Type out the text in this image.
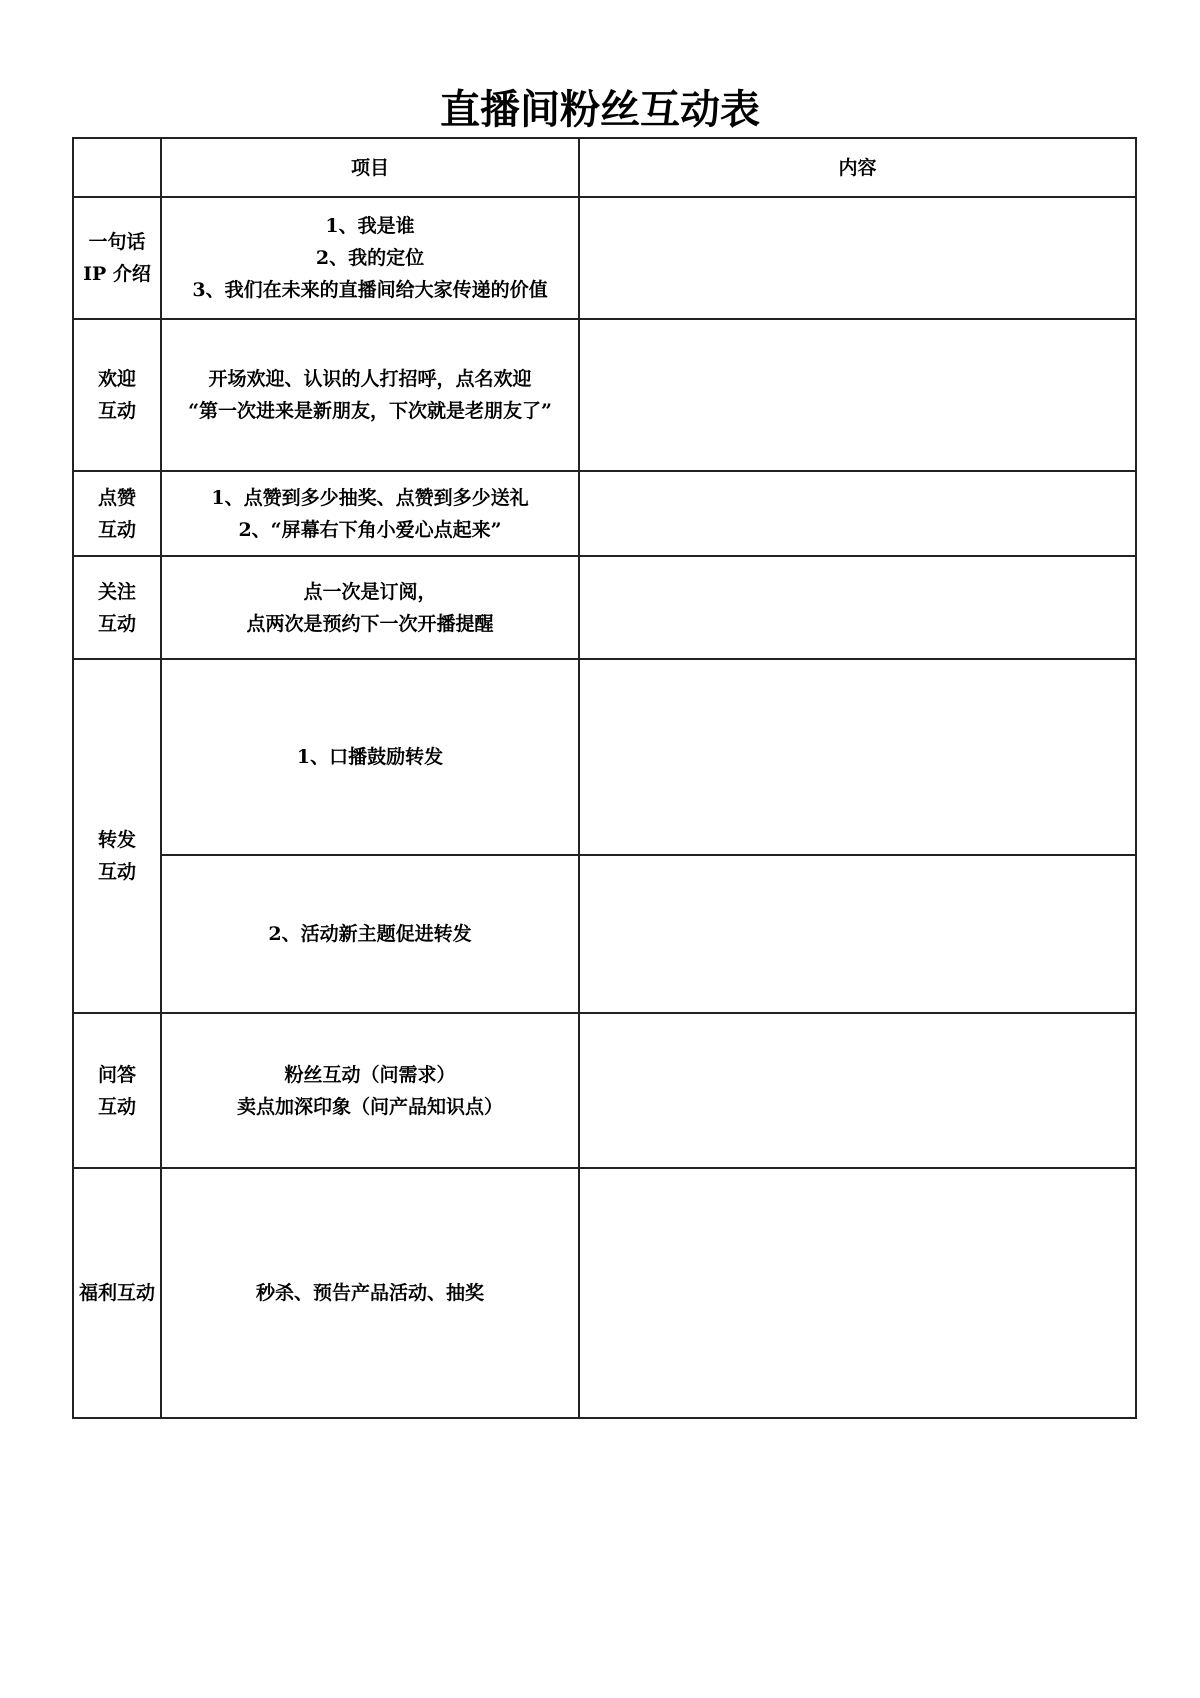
直播间粉丝互动表
	项目	内容

一句话
IP 介绍	1、我是谁
2、我的定位
3、我们在未来的直播间给大家传递的价值	

欢迎
互动	开场欢迎、认识的人打招呼，点名欢迎
“第一次进来是新朋友，下次就是老朋友了”	

点赞
互动	1、点赞到多少抽奖、点赞到多少送礼
2、“屏幕右下角小爱心点起来”	

关注
互动	点一次是订阅，
点两次是预约下一次开播提醒	

转发
互动	1、口播鼓励转发	

	2、活动新主题促进转发	

问答
互动	粉丝互动（问需求）
卖点加深印象（问产品知识点）	

福利互动	秒杀、预告产品活动、抽奖	
